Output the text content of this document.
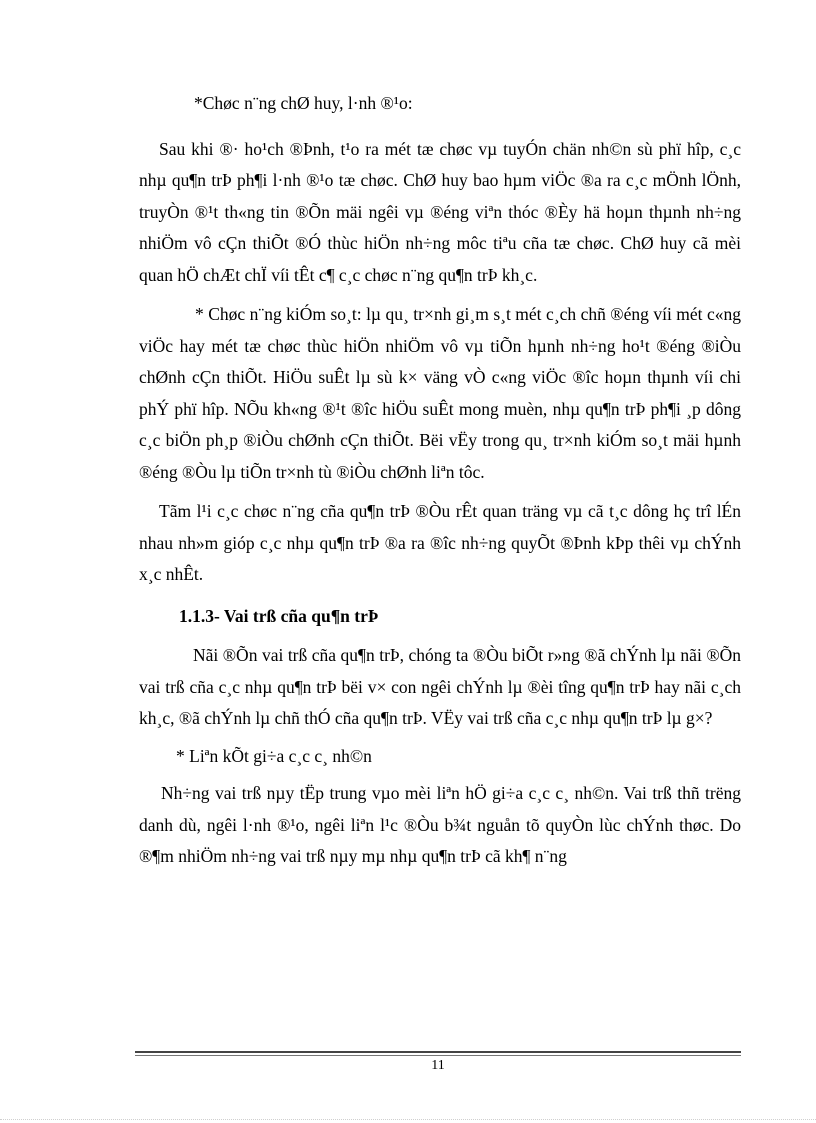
*Chøc n¨ng chØ huy, l·nh ®¹o:

Sau khi ®· ho¹ch ®Þnh, t¹o ra mét tæ chøc vµ tuyÓn chän nh©n sù phï hîp, c¸c nhµ qu¶n trÞ ph¶i l·nh ®¹o tæ chøc. ChØ huy bao hµm viÖc ®a ra c¸c mÖnh lÖnh, truyÒn ®¹t th«ng tin ®Õn mäi ngêi vµ ®éng viªn thóc ®Èy hä hoµn thµnh nh÷ng nhiÖm vô cÇn thiÕt ®Ó thùc hiÖn nh÷ng môc tiªu cña tæ chøc. ChØ huy cã mèi quan hÖ chÆt chÏ víi tÊt c¶ c¸c chøc n¨ng qu¶n trÞ kh¸c.

* Chøc n¨ng kiÓm so¸t: lµ qu¸ tr×nh gi¸m s¸t mét c¸ch chñ ®éng víi mét c«ng viÖc hay mét tæ chøc thùc hiÖn nhiÖm vô vµ tiÕn hµnh nh÷ng ho¹t ®éng ®iÒu chØnh cÇn thiÕt. HiÖu suÊt lµ sù k× väng vÒ c«ng viÖc ®îc hoµn thµnh víi chi phÝ phï hîp. NÕu kh«ng ®¹t ®îc hiÖu suÊt mong muèn, nhµ qu¶n trÞ ph¶i ¸p dông c¸c biÖn ph¸p ®iÒu chØnh cÇn thiÕt. Bëi vËy trong qu¸ tr×nh kiÓm so¸t mäi hµnh ®éng ®Òu lµ tiÕn tr×nh tù ®iÒu chØnh liªn tôc.

Tãm l¹i c¸c chøc n¨ng cña qu¶n trÞ ®Òu rÊt quan träng vµ cã t¸c dông hç trî lÉn nhau nh»m gióp c¸c nhµ qu¶n trÞ ®a ra ®îc nh÷ng quyÕt ®Þnh kÞp thêi vµ chÝnh x¸c nhÊt.

1.1.3- Vai trß cña qu¶n trÞ

Nãi ®Õn vai trß cña qu¶n trÞ, chóng ta ®Òu biÕt r»ng ®ã chÝnh lµ nãi ®Õn vai trß cña c¸c nhµ qu¶n trÞ bëi v× con ngêi chÝnh lµ ®èi tîng qu¶n trÞ hay nãi c¸ch kh¸c, ®ã chÝnh lµ chñ thÓ cña qu¶n trÞ. VËy vai trß cña c¸c nhµ qu¶n trÞ lµ g×?

* Liªn kÕt gi÷a c¸c c¸ nh©n

Nh÷ng vai trß nµy tËp trung vµo mèi liªn hÖ gi÷a c¸c c¸ nh©n. Vai trß thñ trëng danh dù, ngêi l·nh ®¹o, ngêi liªn l¹c ®Òu b¾t nguån tõ quyÒn lùc chÝnh thøc. Do ®¶m nhiÖm nh÷ng vai trß nµy mµ nhµ qu¶n trÞ cã kh¶ n¨ng

11
